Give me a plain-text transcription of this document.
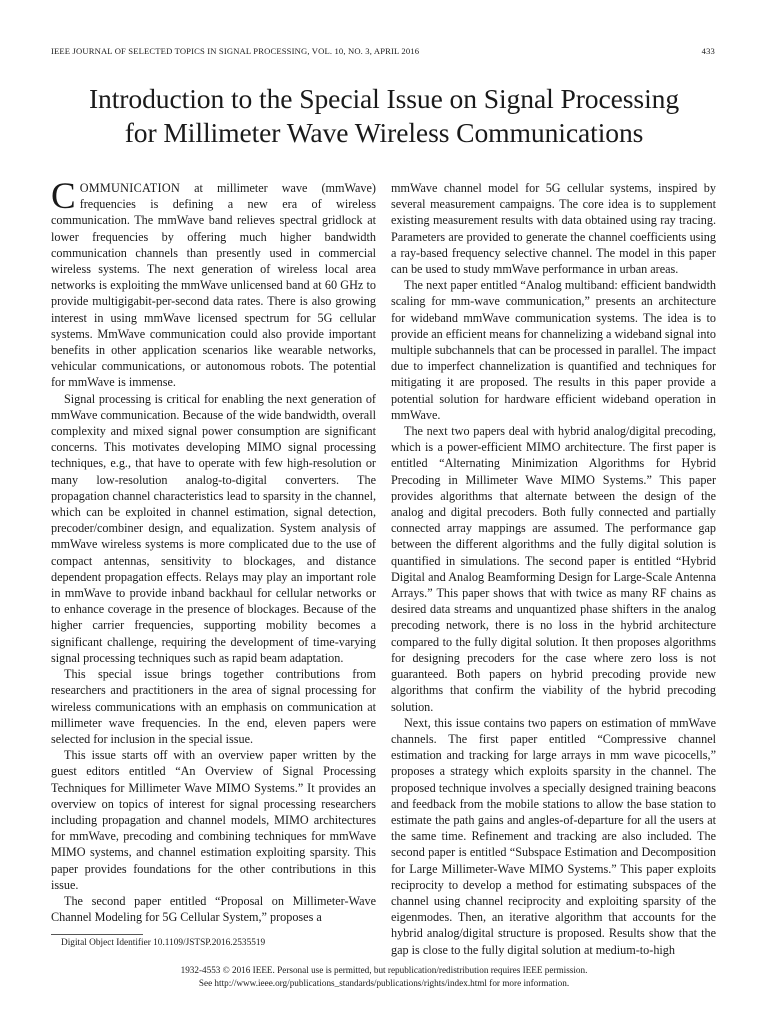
IEEE JOURNAL OF SELECTED TOPICS IN SIGNAL PROCESSING, VOL. 10, NO. 3, APRIL 2016	433
Introduction to the Special Issue on Signal Processing
for Millimeter Wave Wireless Communications

COMMUNICATION at millimeter wave (mmWave) frequencies is defining a new era of wireless communication. The mmWave band relieves spectral gridlock at lower frequencies by offering much higher bandwidth communication channels than presently used in commercial wireless systems. The next generation of wireless local area networks is exploiting the mmWave unlicensed band at 60 GHz to provide multigigabit-per-second data rates. There is also growing interest in using mmWave licensed spectrum for 5G cellular systems. MmWave communication could also provide important benefits in other application scenarios like wearable networks, vehicular communications, or autonomous robots. The potential for mmWave is immense.

Signal processing is critical for enabling the next generation of mmWave communication. Because of the wide bandwidth, overall complexity and mixed signal power consumption are significant concerns. This motivates developing MIMO signal processing techniques, e.g., that have to operate with few high-resolution or many low-resolution analog-to-digital converters. The propagation channel characteristics lead to sparsity in the channel, which can be exploited in channel estimation, signal detection, precoder/combiner design, and equalization. System analysis of mmWave wireless systems is more complicated due to the use of compact antennas, sensitivity to blockages, and distance dependent propagation effects. Relays may play an important role in mmWave to provide inband backhaul for cellular networks or to enhance coverage in the presence of blockages. Because of the higher carrier frequencies, supporting mobility becomes a significant challenge, requiring the development of time-varying signal processing techniques such as rapid beam adaptation.

This special issue brings together contributions from researchers and practitioners in the area of signal processing for wireless communications with an emphasis on communication at millimeter wave frequencies. In the end, eleven papers were selected for inclusion in the special issue.

This issue starts off with an overview paper written by the guest editors entitled “An Overview of Signal Processing Techniques for Millimeter Wave MIMO Systems.” It provides an overview on topics of interest for signal processing researchers including propagation and channel models, MIMO architectures for mmWave, precoding and combining techniques for mmWave MIMO systems, and channel estimation exploiting sparsity. This paper provides foundations for the other contributions in this issue.

The second paper entitled “Proposal on Millimeter-Wave Channel Modeling for 5G Cellular System,” proposes a

mmWave channel model for 5G cellular systems, inspired by several measurement campaigns. The core idea is to supplement existing measurement results with data obtained using ray tracing. Parameters are provided to generate the channel coefficients using a ray-based frequency selective channel. The model in this paper can be used to study mmWave performance in urban areas.

The next paper entitled “Analog multiband: efficient bandwidth scaling for mm-wave communication,” presents an architecture for wideband mmWave communication systems. The idea is to provide an efficient means for channelizing a wideband signal into multiple subchannels that can be processed in parallel. The impact due to imperfect channelization is quantified and techniques for mitigating it are proposed. The results in this paper provide a potential solution for hardware efficient wideband operation in mmWave.

The next two papers deal with hybrid analog/digital precoding, which is a power-efficient MIMO architecture. The first paper is entitled “Alternating Minimization Algorithms for Hybrid Precoding in Millimeter Wave MIMO Systems.” This paper provides algorithms that alternate between the design of the analog and digital precoders. Both fully connected and partially connected array mappings are assumed. The performance gap between the different algorithms and the fully digital solution is quantified in simulations. The second paper is entitled “Hybrid Digital and Analog Beamforming Design for Large-Scale Antenna Arrays.” This paper shows that with twice as many RF chains as desired data streams and unquantized phase shifters in the analog precoding network, there is no loss in the hybrid architecture compared to the fully digital solution. It then proposes algorithms for designing precoders for the case where zero loss is not guaranteed. Both papers on hybrid precoding provide new algorithms that confirm the viability of the hybrid precoding solution.

Next, this issue contains two papers on estimation of mmWave channels. The first paper entitled “Compressive channel estimation and tracking for large arrays in mm wave picocells,” proposes a strategy which exploits sparsity in the channel. The proposed technique involves a specially designed training beacons and feedback from the mobile stations to allow the base station to estimate the path gains and angles-of-departure for all the users at the same time. Refinement and tracking are also included. The second paper is entitled “Subspace Estimation and Decomposition for Large Millimeter-Wave MIMO Systems.” This paper exploits reciprocity to develop a method for estimating subspaces of the channel using channel reciprocity and exploiting sparsity of the eigenmodes. Then, an iterative algorithm that accounts for the hybrid analog/digital structure is proposed. Results show that the gap is close to the fully digital solution at medium-to-high

Digital Object Identifier 10.1109/JSTSP.2016.2535519
1932-4553 © 2016 IEEE. Personal use is permitted, but republication/redistribution requires IEEE permission.
See http://www.ieee.org/publications_standards/publications/rights/index.html for more information.
